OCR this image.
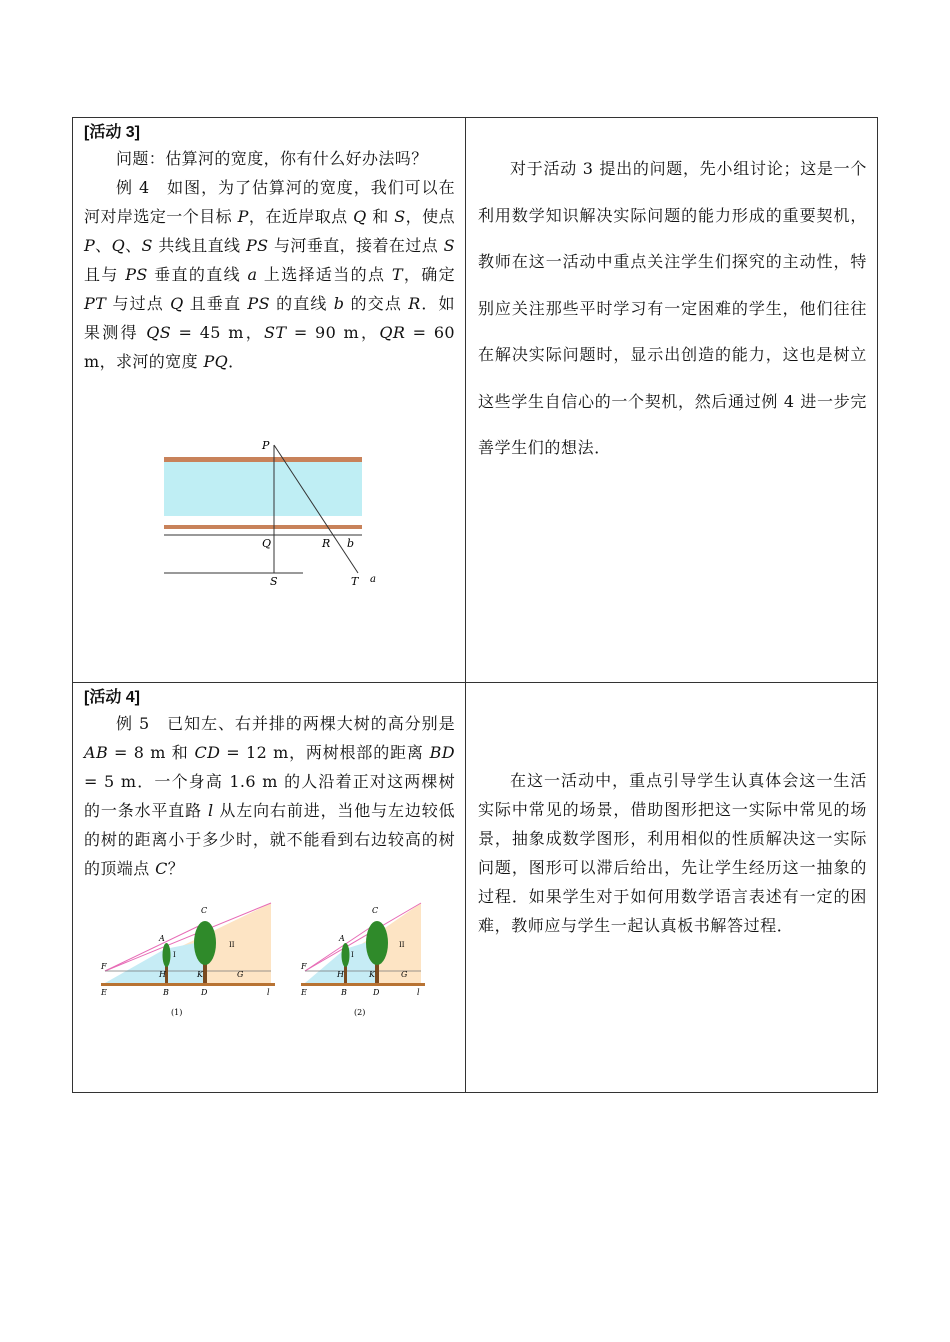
[活动 3]

问题：估算河的宽度，你有什么好办法吗？

例 4　如图，为了估算河的宽度，我们可以在河对岸选定一个目标 P，在近岸取点 Q 和 S，使点 P、Q、S 共线且直线 PS 与河垂直，接着在过点 S 且与 PS 垂直的直线 a 上选择适当的点 T，确定 PT 与过点 Q 且垂直 PS 的直线 b 的交点 R．如果测得 QS = 45 m，ST = 90 m，QR = 60 m，求河的宽度 PQ．

P
Q	R b
S	T a

对于活动 3 提出的问题，先小组讨论；这是一个利用数学知识解决实际问题的能力形成的重要契机，教师在这一活动中重点关注学生们探究的主动性，特别应关注那些平时学习有一定困难的学生，他们往往在解决实际问题时，显示出创造的能力，这也是树立这些学生自信心的一个契机，然后通过例 4 进一步完善学生们的想法．

[活动 4]

例 5　已知左、右并排的两棵大树的高分别是 AB = 8 m 和 CD = 12 m，两树根部的距离 BD = 5 m．一个身高 1.6 m 的人沿着正对这两棵树的一条水平直路 l 从左向右前进，当他与左边较低的树的距离小于多少时，就不能看到右边较高的树的顶端点 C？

C
A
F
H	K	G
I
II
E	B	D	l
(1)
C
A
F
H	K	G
I
II
E	B	D	l
(2)

在这一活动中，重点引导学生认真体会这一生活实际中常见的场景，借助图形把这一实际中常见的场景，抽象成数学图形，利用相似的性质解决这一实际问题，图形可以滞后给出，先让学生经历这一抽象的过程．如果学生对于如何用数学语言表述有一定的困难，教师应与学生一起认真板书解答过程．
